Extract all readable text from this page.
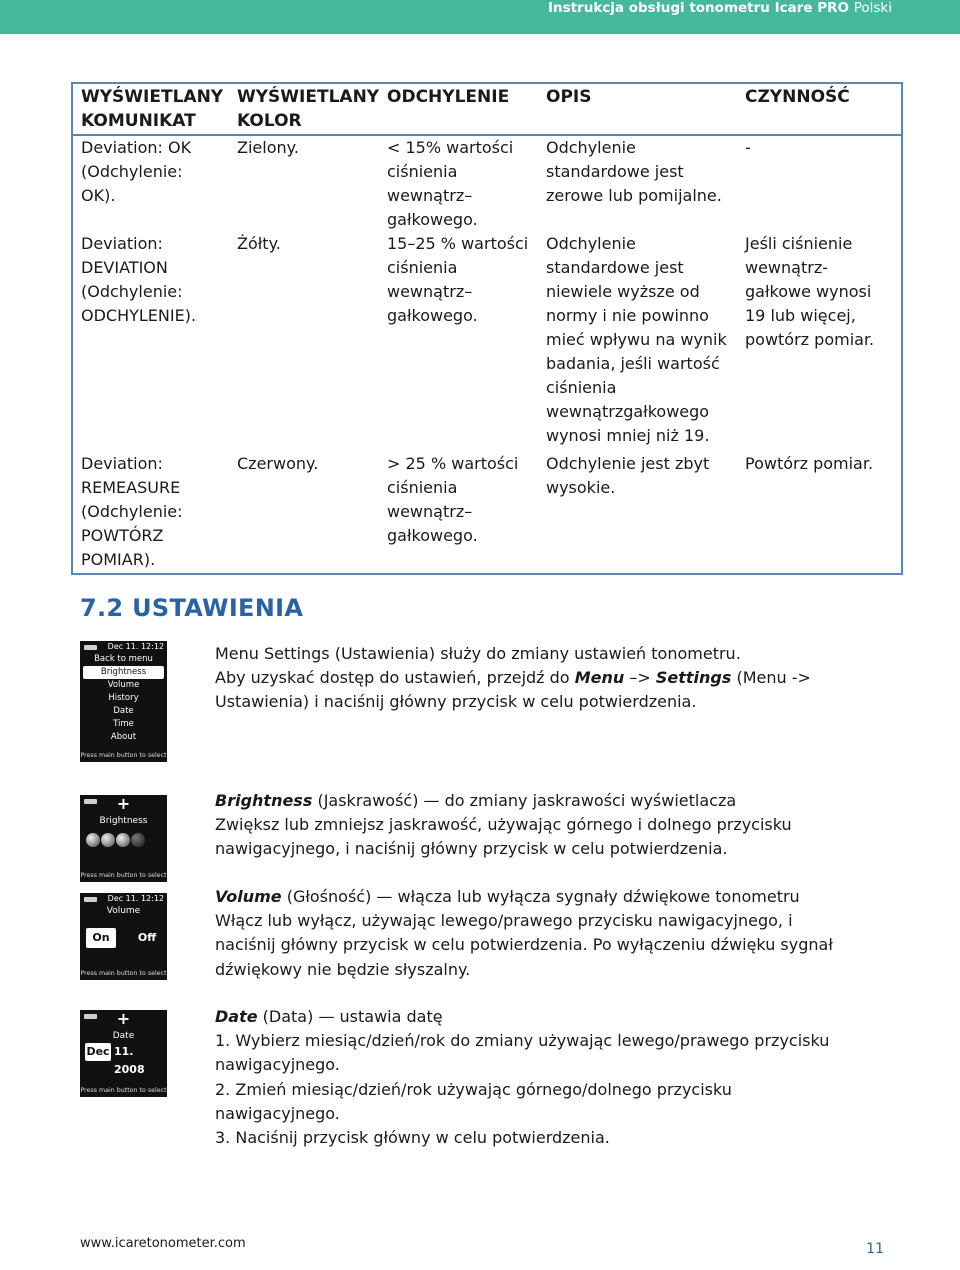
Instrukcja obsługi tonometru Icare PRO Polski
WYŚWIETLANY KOMUNIKAT	WYŚWIETLANY KOLOR	ODCHYLENIE	OPIS	CZYNNOŚĆ
Deviation: OK (Odchylenie: OK).	Zielony.	< 15% wartości ciśnienia wewnątrz– gałkowego.	Odchylenie standardowe jest zerowe lub pomijalne.	-
Deviation: DEVIATION (Odchylenie: ODCHYLENIE).	Żółty.	15–25 % wartości ciśnienia wewnątrz– gałkowego.	Odchylenie standardowe jest niewiele wyższe od normy i nie powinno mieć wpływu na wynik badania, jeśli wartość ciśnienia wewnątrzgałkowego wynosi mniej niż 19.	Jeśli ciśnienie wewnątrz- gałkowe wynosi 19 lub więcej, powtórz pomiar.
Deviation: REMEASURE (Odchylenie: POWTÓRZ POMIAR).	Czerwony.	> 25 % wartości ciśnienia wewnątrz– gałkowego.	Odchylenie jest zbyt wysokie.	Powtórz pomiar.
7.2 USTAWIENIA
Dec 11. 12:12
Back to menu
Brightness
Volume
History
Date
Time
About
Press main button to select
Menu Settings (Ustawienia) służy do zmiany ustawień tonometru.
Aby uzyskać dostęp do ustawień, przejdź do Menu –> Settings (Menu -> Ustawienia) i naciśnij główny przycisk w celu potwierdzenia.
+
Brightness
Press main button to select
Brightness (Jaskrawość) — do zmiany jaskrawości wyświetlacza
Zwiększ lub zmniejsz jaskrawość, używając górnego i dolnego przycisku nawigacyjnego, i naciśnij główny przycisk w celu potwierdzenia.
Dec 11. 12:12
Volume
On	Off
Press main button to select
Volume (Głośność) — włącza lub wyłącza sygnały dźwiękowe tonometru
Włącz lub wyłącz, używając lewego/prawego przycisku nawigacyjnego, i naciśnij główny przycisk w celu potwierdzenia. Po wyłączeniu dźwięku sygnał dźwiękowy nie będzie słyszalny.
+
Date
Dec 11. 2008
Press main button to select
Date (Data) — ustawia datę
1. Wybierz miesiąc/dzień/rok do zmiany używając lewego/prawego przycisku nawigacyjnego.
2. Zmień miesiąc/dzień/rok używając górnego/dolnego przycisku nawigacyjnego.
3. Naciśnij przycisk główny w celu potwierdzenia.
www.icaretonometer.com	11
